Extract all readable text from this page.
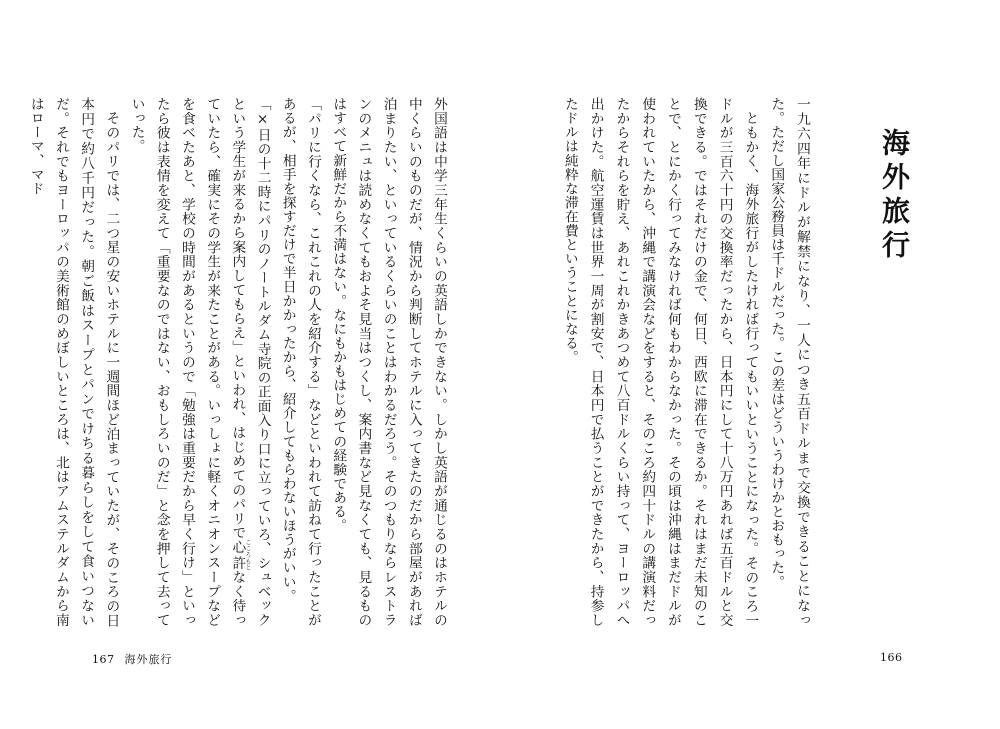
海外旅行

一九六四年にドルが解禁になり、一人につき五百ドルまで交換できることになった。ただし国家公務員は千ドルだった。この差はどういうわけかとおもった。

ともかく、海外旅行がしたければ行ってもいいということになった。そのころ一ドルが三百六十円の交換率だったから、日本円にして十八万円あれば五百ドルと交換できる。ではそれだけの金で、何日、西欧に滞在できるか。それはまだ未知のことで、とにかく行ってみなければ何もわからなかった。その頃は沖縄はまだドルが使われていたから、沖縄で講演会などをすると、そのころ約四十ドルの講演料だったからそれらを貯え、あれこれかきあつめて八百ドルくらい持って、ヨーロッパへ出かけた。航空運賃は世界一周が割安で、日本円で払うことができたから、持参したドルは純粋な滞在費ということになる。

外国語は中学三年生くらいの英語しかできない。しかし英語が通じるのはホテルの中くらいのものだが、情況から判断してホテルに入ってきたのだから部屋があれば泊まりたい、といっているくらいのことはわかるだろう。そのつもりならレストランのメニュは読めなくてもおよそ見当はつくし、案内書など見なくても、見るものはすべて新鮮だから不満はない。なにもかもはじめての経験である。

「パリに行くなら、これこれの人を紹介する」などといわれて訪ねて行ったことがあるが、相手を探すだけで半日かかったから、紹介してもらわないほうがいい。

「×日の十二時にパリのノートルダム寺院の正面入り口に立っていろ、シュベックという学生が来るから案内してもらえ」といわれ、はじめてのパリで心許こころもとなく待っていたら、確実にその学生が来たことがある。いっしょに軽くオニオンスープなどを食べたあと、学校の時間があるというので「勉強は重要だから早く行け」といったら彼は表情を変えて「重要なのではない、おもしろいのだ」と念を押して去っていった。

そのパリでは、二つ星の安いホテルに一週間ほど泊まっていたが、そのころの日本円で約八千円だった。朝ご飯はスープとパンでけちる暮らしをして食いつないだ。それでもヨーロッパの美術館のめぼしいところは、北はアムステルダムから南はローマ、マド

166
167 海外旅行
